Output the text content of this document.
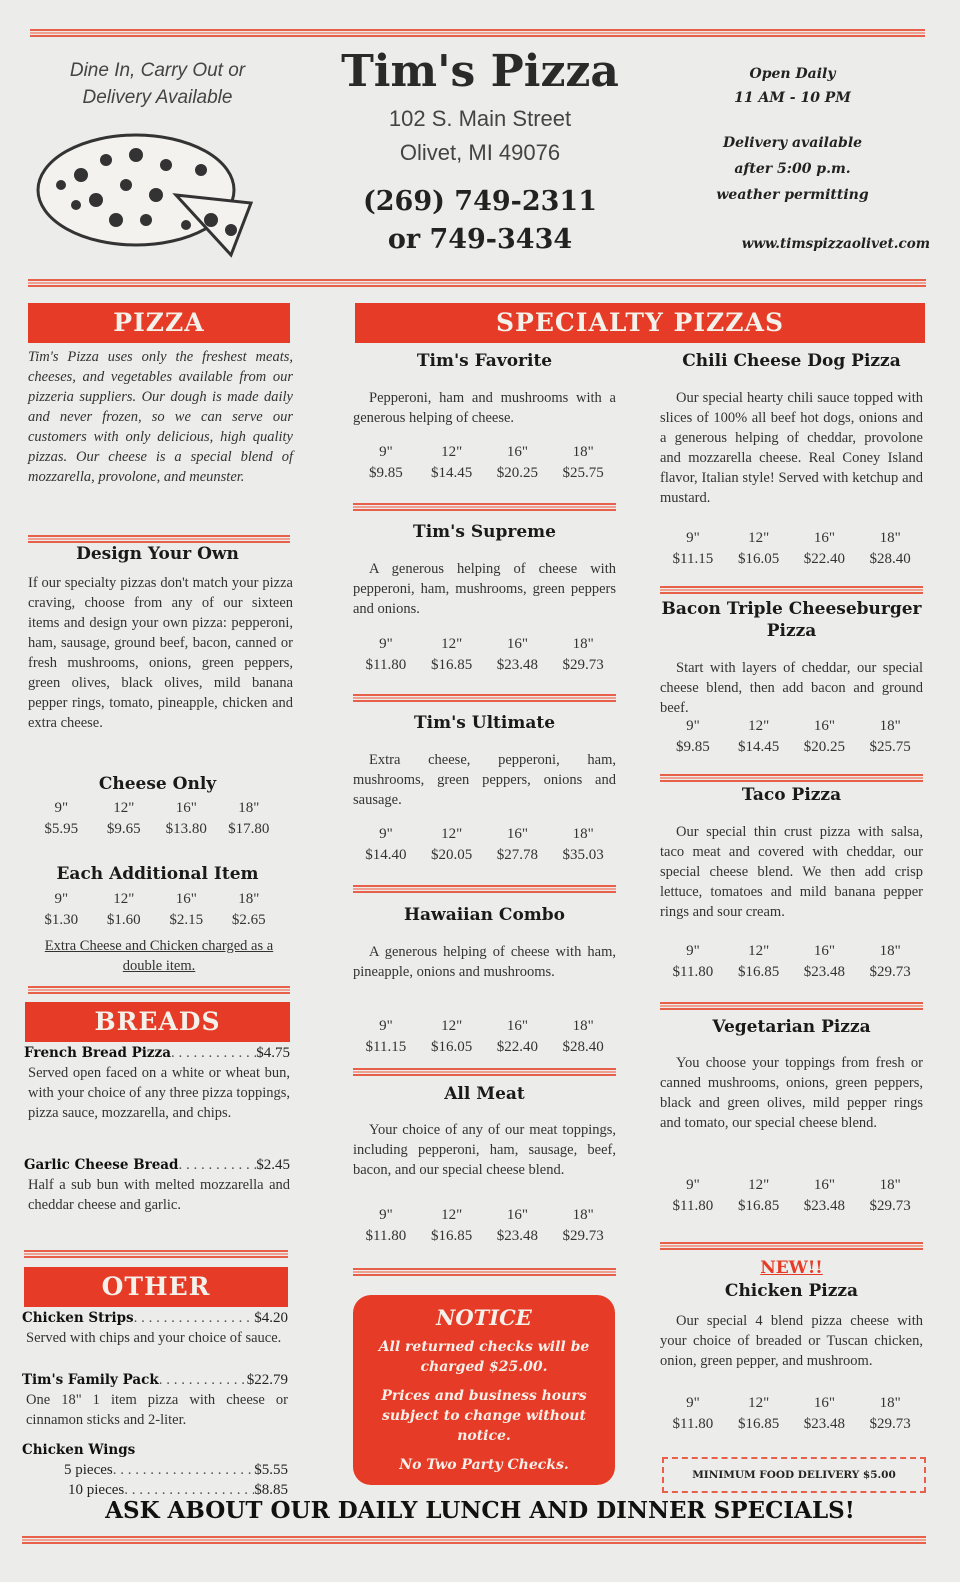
Dine In, Carry Out or
Delivery Available
Tim's Pizza
102 S. Main Street
Olivet, MI 49076
(269) 749-2311
or 749-3434
Open Daily
11 AM - 10 PM
Delivery available
after 5:00 p.m.
weather permitting
www.timspizzaolivet.com
PIZZA
Tim's Pizza uses only the freshest meats, cheeses, and vegetables available from our pizzeria suppliers. Our dough is made daily and never frozen, so we can serve our customers with only delicious, high quality pizzas. Our cheese is a special blend of mozzarella, provolone, and meunster.
Design Your Own
If our specialty pizzas don't match your pizza craving, choose from any of our sixteen items and design your own pizza: pepperoni, ham, sausage, ground beef, bacon, canned or fresh mushrooms, onions, green peppers, green olives, black olives, mild banana pepper rings, tomato, pineapple, chicken and extra cheese.
Cheese Only
9"	12"	16"	18"
$5.95	$9.65	$13.80	$17.80
Each Additional Item
9"	12"	16"	18"
$1.30	$1.60	$2.15	$2.65
Extra Cheese and Chicken charged as a double item.
BREADS
French Bread Pizza . . .	$4.75
Served open faced on a white or wheat bun, with your choice of any three pizza toppings, pizza sauce, mozzarella, and chips.
Garlic Cheese Bread . . .	$2.45
Half a sub bun with melted mozzarella and cheddar cheese and garlic.
OTHER
Chicken Strips . . .	$4.20
Served with chips and your choice of sauce.
Tim's Family Pack . . .	$22.79
One 18" 1 item pizza with cheese or cinnamon sticks and 2-liter.
Chicken Wings
5 pieces . . .	$5.55
10 pieces . . .	$8.85
SPECIALTY PIZZAS
Tim's Favorite
Pepperoni, ham and mushrooms with a generous helping of cheese.
9"	12"	16"	18"
$9.85	$14.45	$20.25	$25.75
Tim's Supreme
A generous helping of cheese with pepperoni, ham, mushrooms, green peppers and onions.
9"	12"	16"	18"
$11.80	$16.85	$23.48	$29.73
Tim's Ultimate
Extra cheese, pepperoni, ham, mushrooms, green peppers, onions and sausage.
9"	12"	16"	18"
$14.40	$20.05	$27.78	$35.03
Hawaiian Combo
A generous helping of cheese with ham, pineapple, onions and mushrooms.
9"	12"	16"	18"
$11.15	$16.05	$22.40	$28.40
All Meat
Your choice of any of our meat toppings, including pepperoni, ham, sausage, beef, bacon, and our special cheese blend.
9"	12"	16"	18"
$11.80	$16.85	$23.48	$29.73
Chili Cheese Dog Pizza
Our special hearty chili sauce topped with slices of 100% all beef hot dogs, onions and a generous helping of cheddar, provolone and mozzarella cheese. Real Coney Island flavor, Italian style! Served with ketchup and mustard.
9"	12"	16"	18"
$11.15	$16.05	$22.40	$28.40
Bacon Triple Cheeseburger Pizza
Start with layers of cheddar, our special cheese blend, then add bacon and ground beef.
9"	12"	16"	18"
$9.85	$14.45	$20.25	$25.75
Taco Pizza
Our special thin crust pizza with salsa, taco meat and covered with cheddar, our special cheese blend. We then add crisp lettuce, tomatoes and mild banana pepper rings and sour cream.
9"	12"	16"	18"
$11.80	$16.85	$23.48	$29.73
Vegetarian Pizza
You choose your toppings from fresh or canned mushrooms, onions, green peppers, black and green olives, mild pepper rings and tomato, our special cheese blend.
9"	12"	16"	18"
$11.80	$16.85	$23.48	$29.73
NEW!!
Chicken Pizza
Our special 4 blend pizza cheese with your choice of breaded or Tuscan chicken, onion, green pepper, and mushroom.
9"	12"	16"	18"
$11.80	$16.85	$23.48	$29.73
NOTICE
All returned checks will be charged $25.00.
Prices and business hours subject to change without notice.
No Two Party Checks.
MINIMUM FOOD DELIVERY $5.00
ASK ABOUT OUR DAILY LUNCH AND DINNER SPECIALS!
